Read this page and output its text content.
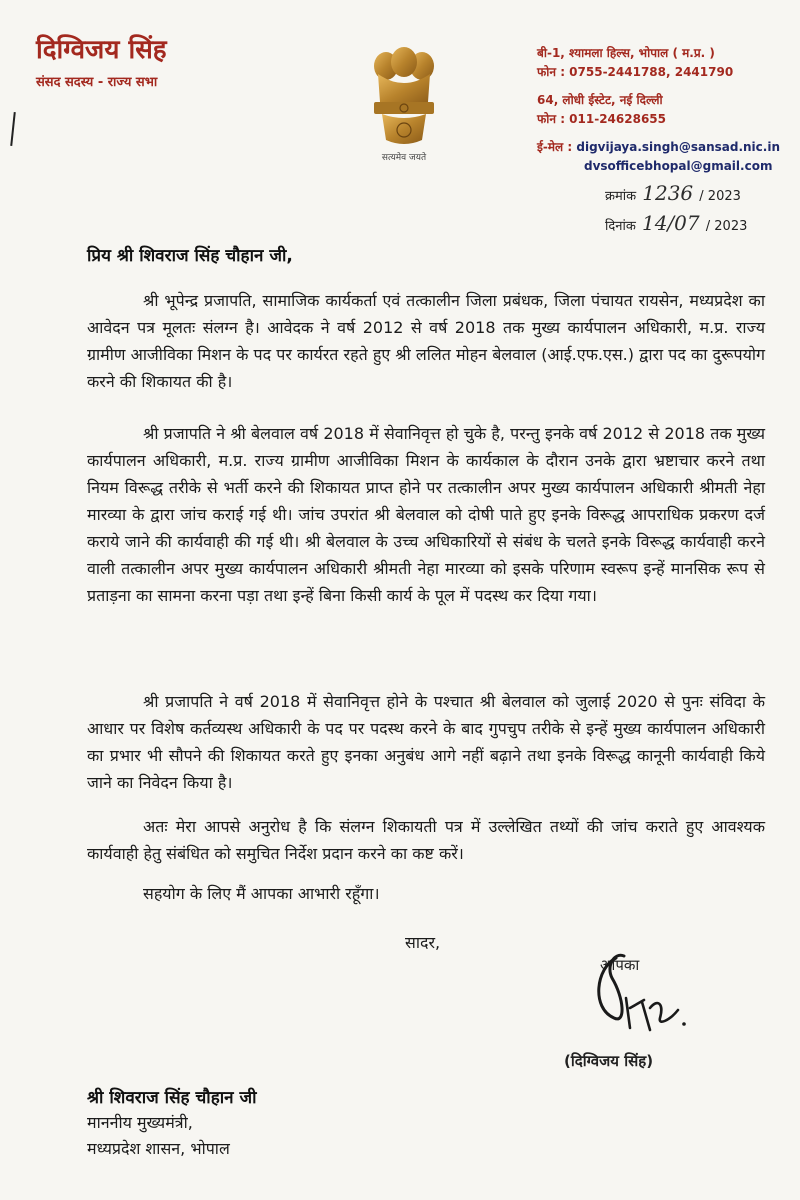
दिग्विजय सिंह
संसद सदस्य - राज्य सभा
सत्यमेव जयते
बी-1, श्यामला हिल्स, भोपाल ( म.प्र. )
फोन : 0755-2441788, 2441790
64, लोधी ईस्टेट, नई दिल्ली
फोन : 011-24628655
ई-मेल : digvijaya.singh@sansad.nic.in
dvsofficebhopal@gmail.com
क्रमांक 1236 / 2023
दिनांक 14/07 / 2023
प्रिय श्री शिवराज सिंह चौहान जी,
श्री भूपेन्द्र प्रजापति, सामाजिक कार्यकर्ता एवं तत्कालीन जिला प्रबंधक, जिला पंचायत रायसेन, मध्यप्रदेश का आवेदन पत्र मूलतः संलग्न है। आवेदक ने वर्ष 2012 से वर्ष 2018 तक मुख्य कार्यपालन अधिकारी, म.प्र. राज्य ग्रामीण आजीविका मिशन के पद पर कार्यरत रहते हुए श्री ललित मोहन बेलवाल (आई.एफ.एस.) द्वारा पद का दुरूपयोग करने की शिकायत की है।
श्री प्रजापति ने श्री बेलवाल वर्ष 2018 में सेवानिवृत्त हो चुके है, परन्तु इनके वर्ष 2012 से 2018 तक मुख्य कार्यपालन अधिकारी, म.प्र. राज्य ग्रामीण आजीविका मिशन के कार्यकाल के दौरान उनके द्वारा भ्रष्टाचार करने तथा नियम विरूद्ध तरीके से भर्ती करने की शिकायत प्राप्त होने पर तत्कालीन अपर मुख्य कार्यपालन अधिकारी श्रीमती नेहा मारव्या के द्वारा जांच कराई गई थी। जांच उपरांत श्री बेलवाल को दोषी पाते हुए इनके विरूद्ध आपराधिक प्रकरण दर्ज कराये जाने की कार्यवाही की गई थी। श्री बेलवाल के उच्च अधिकारियों से संबंध के चलते इनके विरूद्ध कार्यवाही करने वाली तत्कालीन अपर मुख्य कार्यपालन अधिकारी श्रीमती नेहा मारव्या को इसके परिणाम स्वरूप इन्हें मानसिक रूप से प्रताड़ना का सामना करना पड़ा तथा इन्हें बिना किसी कार्य के पूल में पदस्थ कर दिया गया।
श्री प्रजापति ने वर्ष 2018 में सेवानिवृत्त होने के पश्चात श्री बेलवाल को जुलाई 2020 से पुनः संविदा के आधार पर विशेष कर्तव्यस्थ अधिकारी के पद पर पदस्थ करने के बाद गुपचुप तरीके से इन्हें मुख्य कार्यपालन अधिकारी का प्रभार भी सौपने की शिकायत करते हुए इनका अनुबंध आगे नहीं बढ़ाने तथा इनके विरूद्ध कानूनी कार्यवाही किये जाने का निवेदन किया है।
अतः मेरा आपसे अनुरोध है कि संलग्न शिकायती पत्र में उल्लेखित तथ्यों की जांच कराते हुए आवश्यक कार्यवाही हेतु संबंधित को समुचित निर्देश प्रदान करने का कष्ट करें।
सहयोग के लिए मैं आपका आभारी रहूँगा।
सादर,
आपका
(दिग्विजय सिंह)
श्री शिवराज सिंह चौहान जी
माननीय मुख्यमंत्री,
मध्यप्रदेश शासन, भोपाल
